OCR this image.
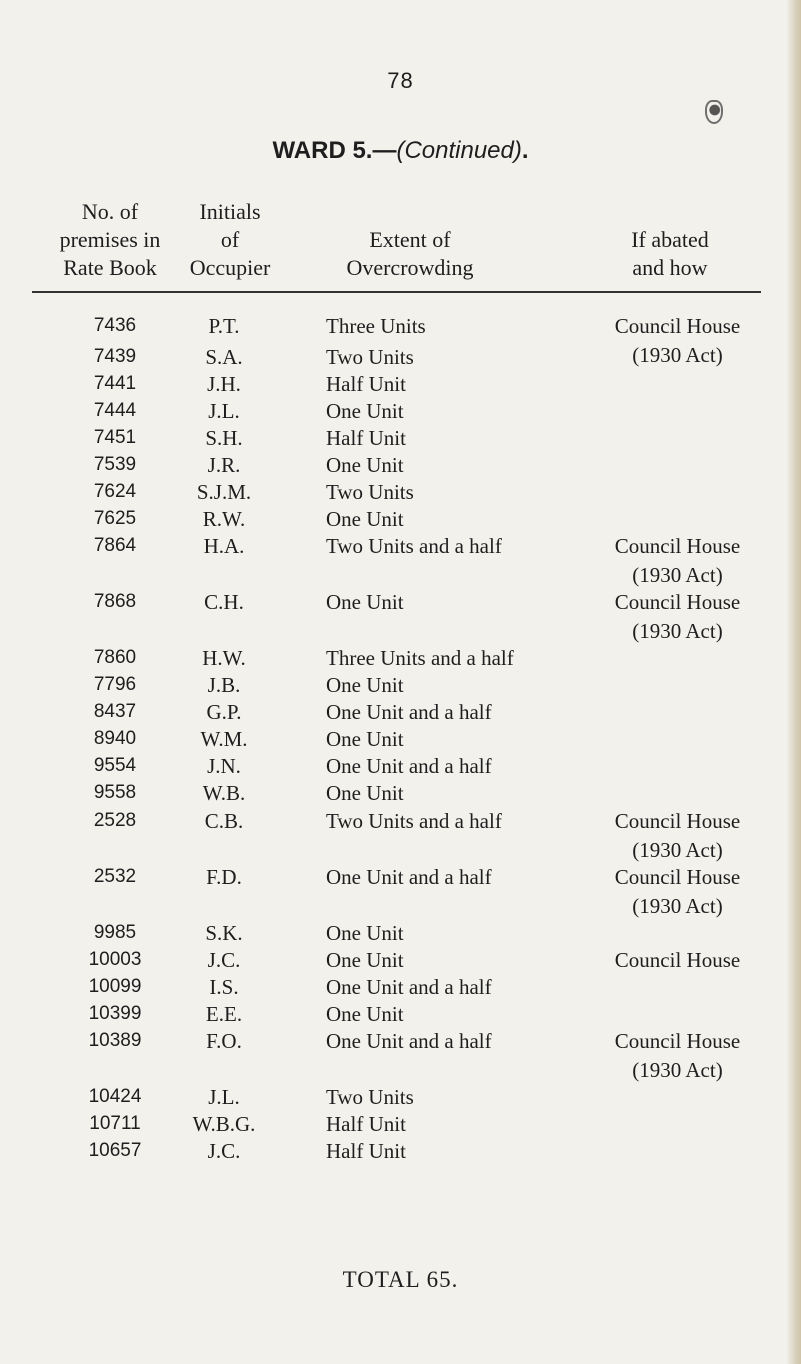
78
WARD 5.—(Continued).
No. of
premises in
Rate Book
Initials
of
Occupier
Extent of
Overcrowding
If abated
and how
7436	P.T.	Three Units	Council House
(1930 Act)
7439	S.A.	Two Units
7441	J.H.	Half Unit
7444	J.L.	One Unit
7451	S.H.	Half Unit
7539	J.R.	One Unit
7624	S.J.M.	Two Units
7625	R.W.	One Unit
7864	H.A.	Two Units and a half	Council House
(1930 Act)
7868	C.H.	One Unit	Council House
(1930 Act)
7860	H.W.	Three Units and a half
7796	J.B.	One Unit
8437	G.P.	One Unit and a half
8940	W.M.	One Unit
9554	J.N.	One Unit and a half
9558	W.B.	One Unit
2528	C.B.	Two Units and a half	Council House
(1930 Act)
2532	F.D.	One Unit and a half	Council House
(1930 Act)
9985	S.K.	One Unit
10003	J.C.	One Unit	Council House
10099	I.S.	One Unit and a half
10399	E.E.	One Unit
10389	F.O.	One Unit and a half	Council House
(1930 Act)
10424	J.L.	Two Units
10711	W.B.G.	Half Unit
10657	J.C.	Half Unit
TOTAL 65.
